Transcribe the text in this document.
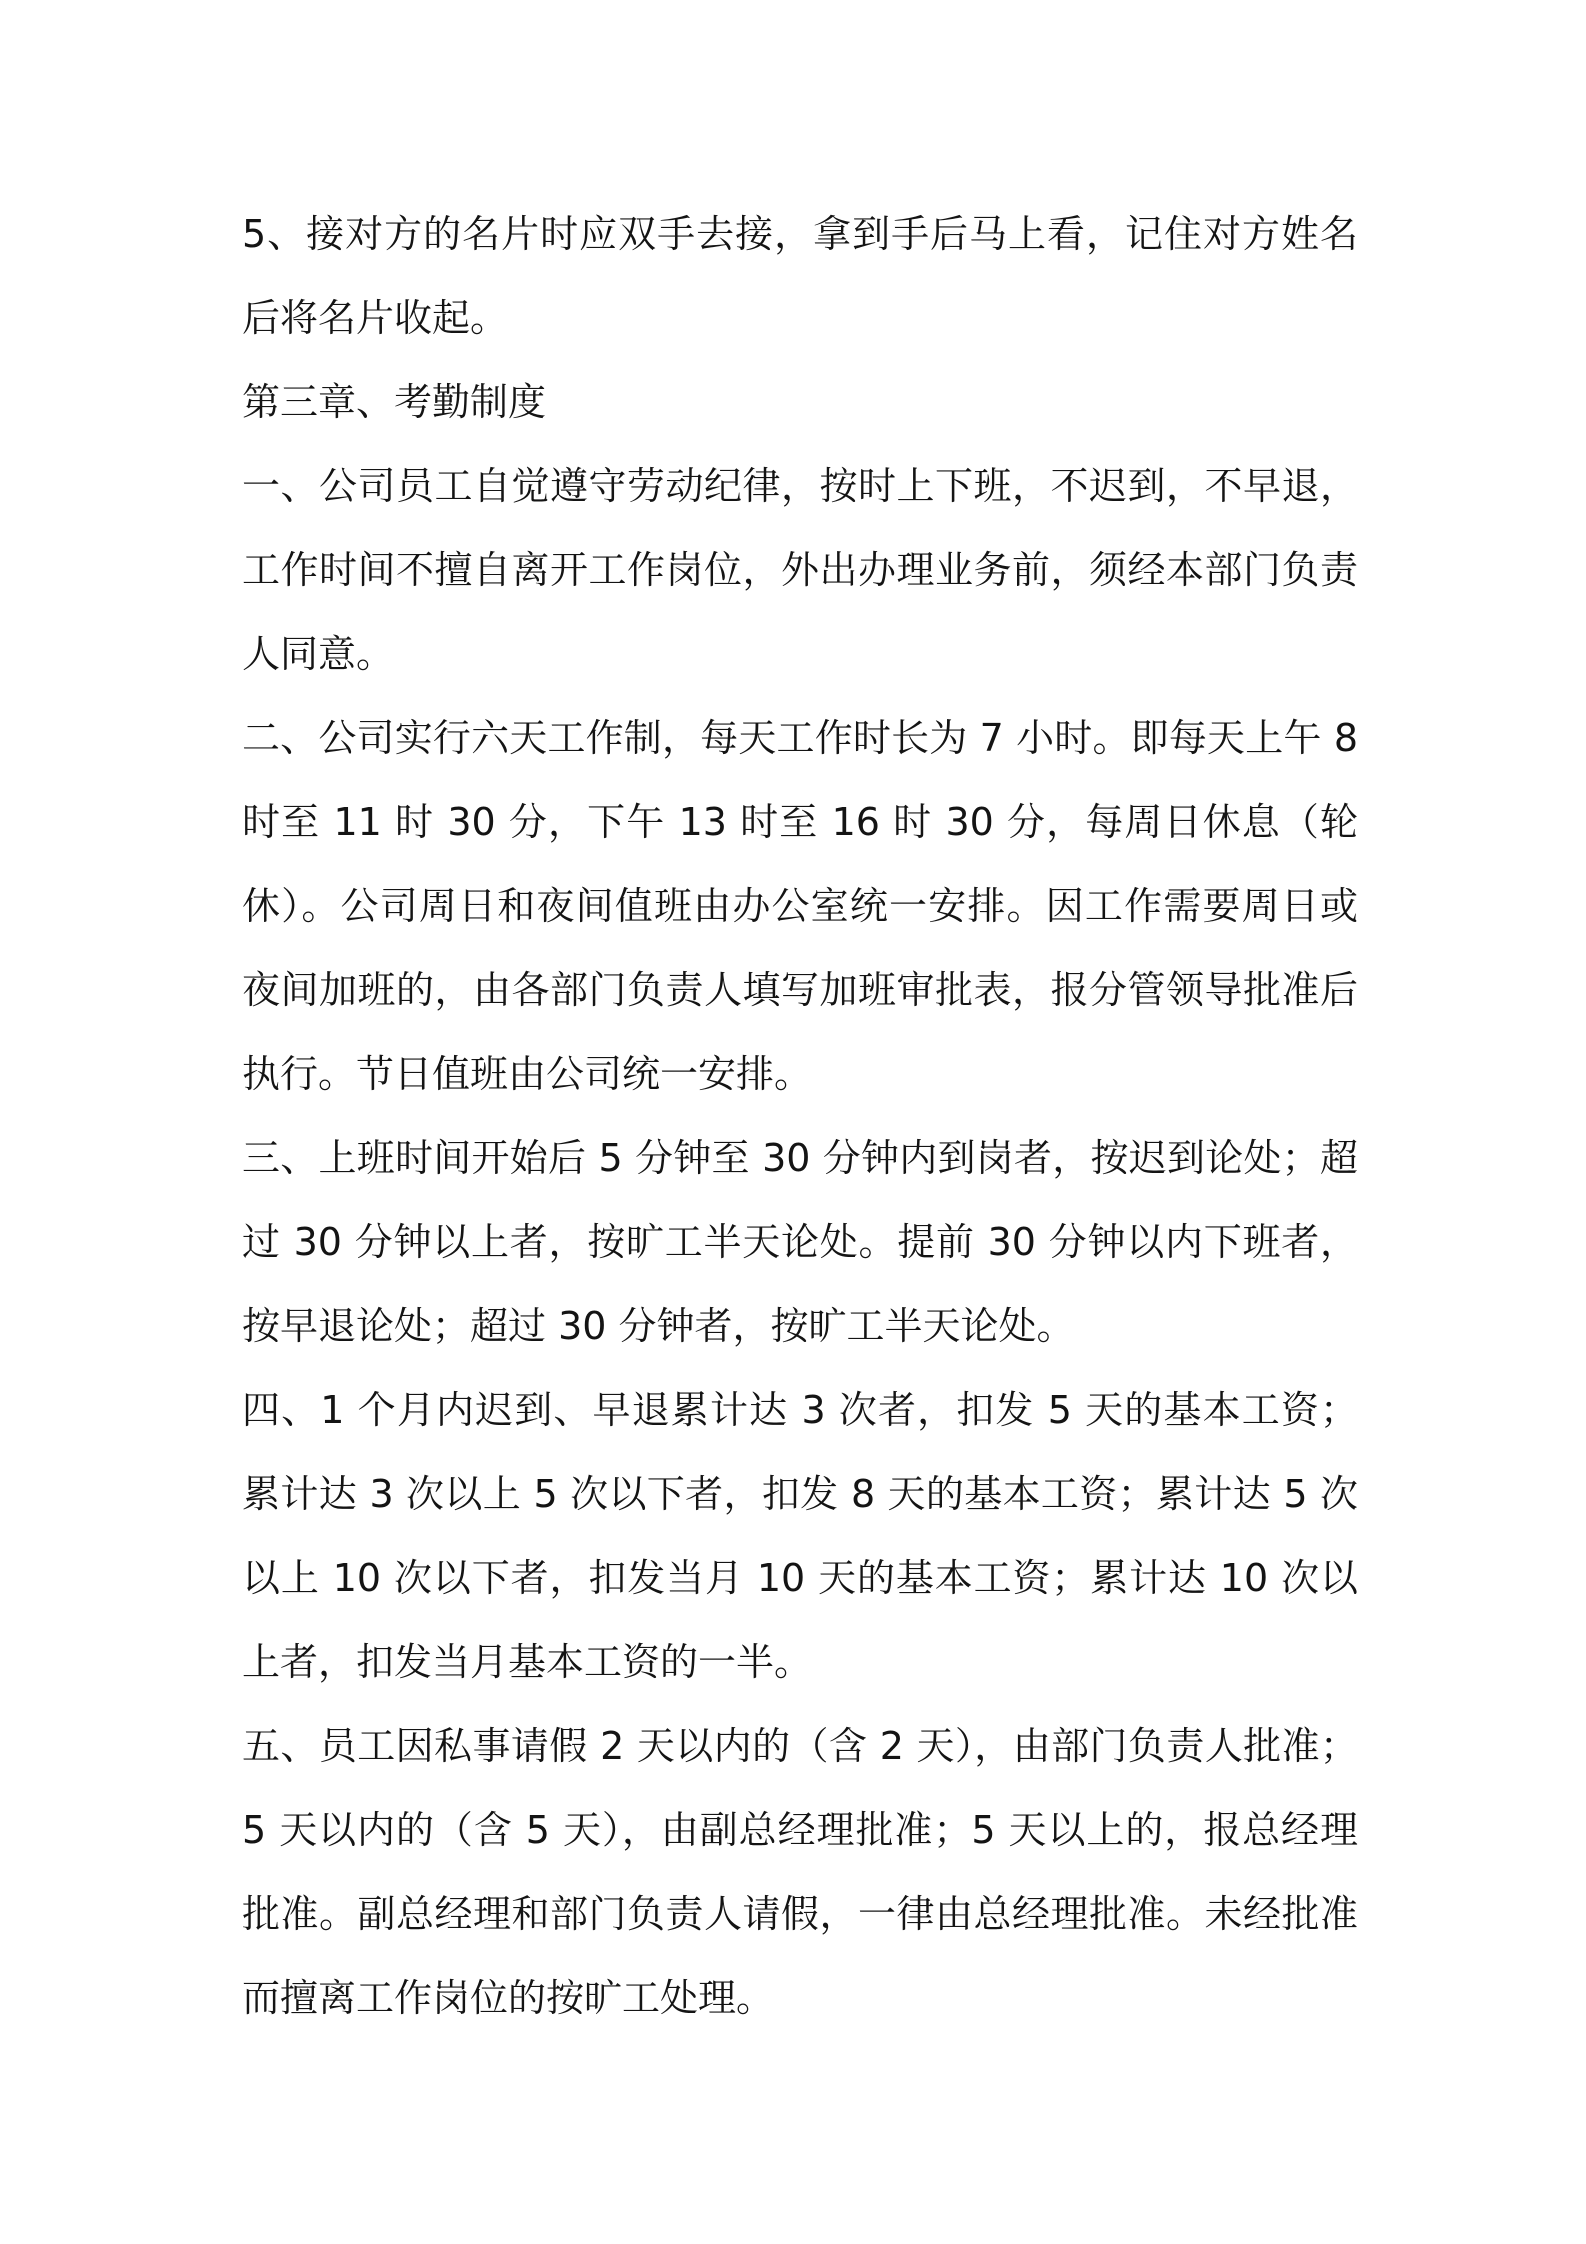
5、接对方的名片时应双手去接，拿到手后马上看，记住对方姓名后将名片收起。

第三章、考勤制度

一、公司员工自觉遵守劳动纪律，按时上下班，不迟到，不早退，工作时间不擅自离开工作岗位，外出办理业务前，须经本部门负责人同意。

二、公司实行六天工作制，每天工作时长为 7 小时。即每天上午 8 时至 11 时 30 分，下午 13 时至 16 时 30 分，每周日休息（轮休）。公司周日和夜间值班由办公室统一安排。因工作需要周日或夜间加班的，由各部门负责人填写加班审批表，报分管领导批准后执行。节日值班由公司统一安排。

三、上班时间开始后 5 分钟至 30 分钟内到岗者，按迟到论处；超过 30 分钟以上者，按旷工半天论处。提前 30 分钟以内下班者，按早退论处；超过 30 分钟者，按旷工半天论处。

四、1 个月内迟到、早退累计达 3 次者，扣发 5 天的基本工资；累计达 3 次以上 5 次以下者，扣发 8 天的基本工资；累计达 5 次以上 10 次以下者，扣发当月 10 天的基本工资；累计达 10 次以上者，扣发当月基本工资的一半。

五、员工因私事请假 2 天以内的（含 2 天），由部门负责人批准；5 天以内的（含 5 天），由副总经理批准；5 天以上的，报总经理批准。副总经理和部门负责人请假，一律由总经理批准。未经批准而擅离工作岗位的按旷工处理。
